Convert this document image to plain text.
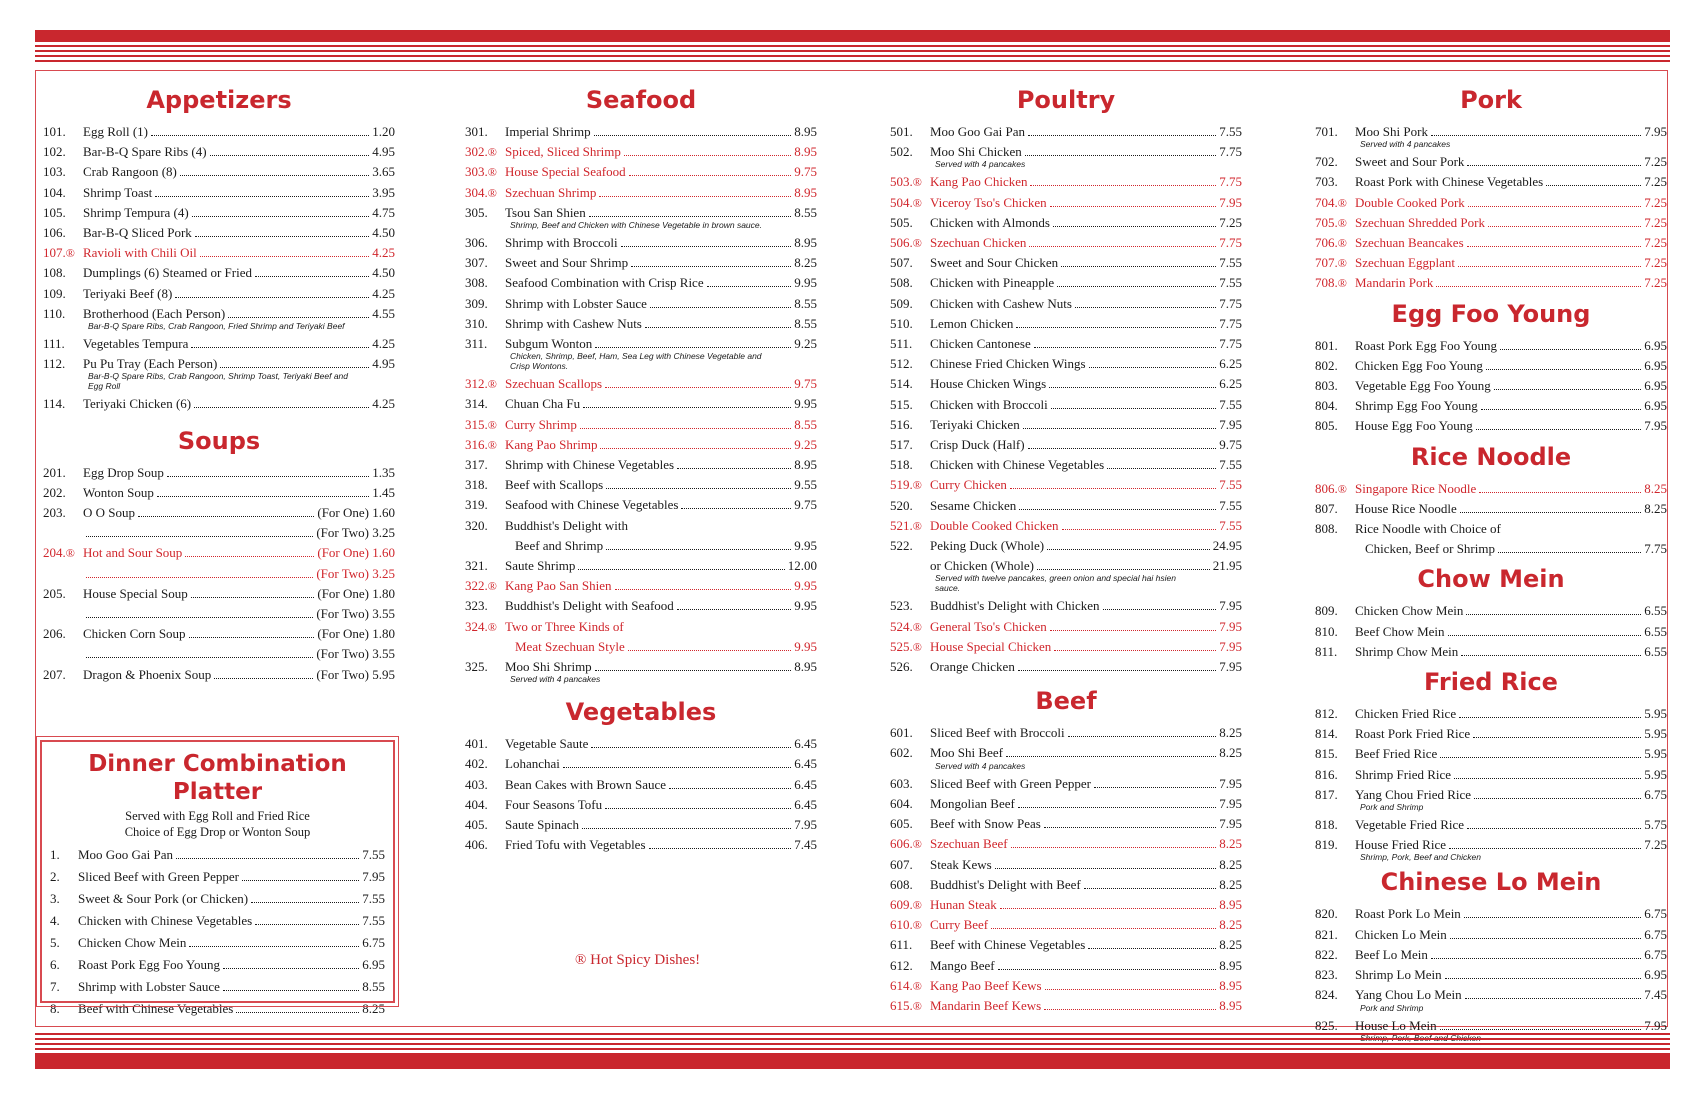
Appetizers
101.	Egg Roll (1)	1.20
102.	Bar-B-Q Spare Ribs (4)	4.95
103.	Crab Rangoon (8)	3.65
104.	Shrimp Toast	3.95
105.	Shrimp Tempura (4)	4.75
106.	Bar-B-Q Sliced Pork	4.50
107.® Ravioli with Chili Oil	4.25
108.	Dumplings (6) Steamed or Fried	4.50
109.	Teriyaki Beef (8)	4.25
110.	Brotherhood (Each Person)	4.55
Bar-B-Q Spare Ribs, Crab Rangoon, Fried Shrimp and Teriyaki Beef
111.	Vegetables Tempura	4.25
112.	Pu Pu Tray (Each Person)	4.95
Bar-B-Q Spare Ribs, Crab Rangoon, Shrimp Toast, Teriyaki Beef and Egg Roll
114.	Teriyaki Chicken (6)	4.25
Soups
201.	Egg Drop Soup	1.35
202.	Wonton Soup	1.45
203.	O O Soup	(For One) 1.60
(For Two) 3.25
204.® Hot and Sour Soup	(For One) 1.60
(For Two) 3.25
205.	House Special Soup	(For One) 1.80
(For Two) 3.55
206.	Chicken Corn Soup	(For One) 1.80
(For Two) 3.55
207.	Dragon & Phoenix Soup	(For Two) 5.95
Seafood
301.	Imperial Shrimp	8.95
302.® Spiced, Sliced Shrimp	8.95
303.® House Special Seafood	9.75
304.® Szechuan Shrimp	8.95
305.	Tsou San Shien	8.55
Shrimp, Beef and Chicken with Chinese Vegetable in brown sauce.
306.	Shrimp with Broccoli	8.95
307.	Sweet and Sour Shrimp	8.25
308.	Seafood Combination with Crisp Rice	9.95
309.	Shrimp with Lobster Sauce	8.55
310.	Shrimp with Cashew Nuts	8.55
311.	Subgum Wonton	9.25
Chicken, Shrimp, Beef, Ham, Sea Leg with Chinese Vegetable and Crisp Wontons.
312.® Szechuan Scallops	9.75
314.	Chuan Cha Fu	9.95
315.® Curry Shrimp	8.55
316.® Kang Pao Shrimp	9.25
317.	Shrimp with Chinese Vegetables	8.95
318.	Beef with Scallops	9.55
319.	Seafood with Chinese Vegetables	9.75
320.	Buddhist's Delight with
Beef and Shrimp	9.95
321.	Saute Shrimp	12.00
322.® Kang Pao San Shien	9.95
323.	Buddhist's Delight with Seafood	9.95
324.® Two or Three Kinds of
Meat Szechuan Style	9.95
325.	Moo Shi Shrimp	8.95
Served with 4 pancakes
Vegetables
401.	Vegetable Saute	6.45
402.	Lohanchai	6.45
403.	Bean Cakes with Brown Sauce	6.45
404.	Four Seasons Tofu	6.45
405.	Saute Spinach	7.95
406.	Fried Tofu with Vegetables	7.45
Poultry
501.	Moo Goo Gai Pan	7.55
502.	Moo Shi Chicken	7.75
Served with 4 pancakes
503.® Kang Pao Chicken	7.75
504.® Viceroy Tso's Chicken	7.95
505.	Chicken with Almonds	7.25
506.® Szechuan Chicken	7.75
507.	Sweet and Sour Chicken	7.55
508.	Chicken with Pineapple	7.55
509.	Chicken with Cashew Nuts	7.75
510.	Lemon Chicken	7.75
511.	Chicken Cantonese	7.75
512.	Chinese Fried Chicken Wings	6.25
514.	House Chicken Wings	6.25
515.	Chicken with Broccoli	7.55
516.	Teriyaki Chicken	7.95
517.	Crisp Duck (Half)	9.75
518.	Chicken with Chinese Vegetables	7.55
519.® Curry Chicken	7.55
520.	Sesame Chicken	7.55
521.® Double Cooked Chicken	7.55
522.	Peking Duck (Whole)	24.95
or Chicken (Whole)	21.95
Served with twelve pancakes, green onion and special hai hsien sauce.
523.	Buddhist's Delight with Chicken	7.95
524.® General Tso's Chicken	7.95
525.® House Special Chicken	7.95
526.	Orange Chicken	7.95
Beef
601.	Sliced Beef with Broccoli	8.25
602.	Moo Shi Beef	8.25
Served with 4 pancakes
603.	Sliced Beef with Green Pepper	7.95
604.	Mongolian Beef	7.95
605.	Beef with Snow Peas	7.95
606.® Szechuan Beef	8.25
607.	Steak Kews	8.25
608.	Buddhist's Delight with Beef	8.25
609.® Hunan Steak	8.95
610.® Curry Beef	8.25
611.	Beef with Chinese Vegetables	8.25
612.	Mango Beef	8.95
614.® Kang Pao Beef Kews	8.95
615.® Mandarin Beef Kews	8.95
Pork
701.	Moo Shi Pork	7.95
Served with 4 pancakes
702.	Sweet and Sour Pork	7.25
703.	Roast Pork with Chinese Vegetables	7.25
704.® Double Cooked Pork	7.25
705.® Szechuan Shredded Pork	7.25
706.® Szechuan Beancakes	7.25
707.® Szechuan Eggplant	7.25
708.® Mandarin Pork	7.25
Egg Foo Young
801.	Roast Pork Egg Foo Young	6.95
802.	Chicken Egg Foo Young	6.95
803.	Vegetable Egg Foo Young	6.95
804.	Shrimp Egg Foo Young	6.95
805.	House Egg Foo Young	7.95
Rice Noodle
806.® Singapore Rice Noodle	8.25
807.	House Rice Noodle	8.25
808.	Rice Noodle with Choice of
Chicken, Beef or Shrimp	7.75
Chow Mein
809.	Chicken Chow Mein	6.55
810.	Beef Chow Mein	6.55
811.	Shrimp Chow Mein	6.55
Fried Rice
812.	Chicken Fried Rice	5.95
814.	Roast Pork Fried Rice	5.95
815.	Beef Fried Rice	5.95
816.	Shrimp Fried Rice	5.95
817.	Yang Chou Fried Rice	6.75
Pork and Shrimp
818.	Vegetable Fried Rice	5.75
819.	House Fried Rice	7.25
Shrimp, Pork, Beef and Chicken
Chinese Lo Mein
820.	Roast Pork Lo Mein	6.75
821.	Chicken Lo Mein	6.75
822.	Beef Lo Mein	6.75
823.	Shrimp Lo Mein	6.95
824.	Yang Chou Lo Mein	7.45
Pork and Shrimp
825.	House Lo Mein	7.95
Dinner Combination Platter
Served with Egg Roll and Fried Rice
Choice of Egg Drop or Wonton Soup
1.	Moo Goo Gai Pan	7.55
2.	Sliced Beef with Green Pepper	7.95
3.	Sweet & Sour Pork (or Chicken)	7.55
4.	Chicken with Chinese Vegetables	7.55
5.	Chicken Chow Mein	6.75
6.	Roast Pork Egg Foo Young	6.95
7.	Shrimp with Lobster Sauce	8.55
8.	Beef with Chinese Vegetables	8.25
® Hot Spicy Dishes!
